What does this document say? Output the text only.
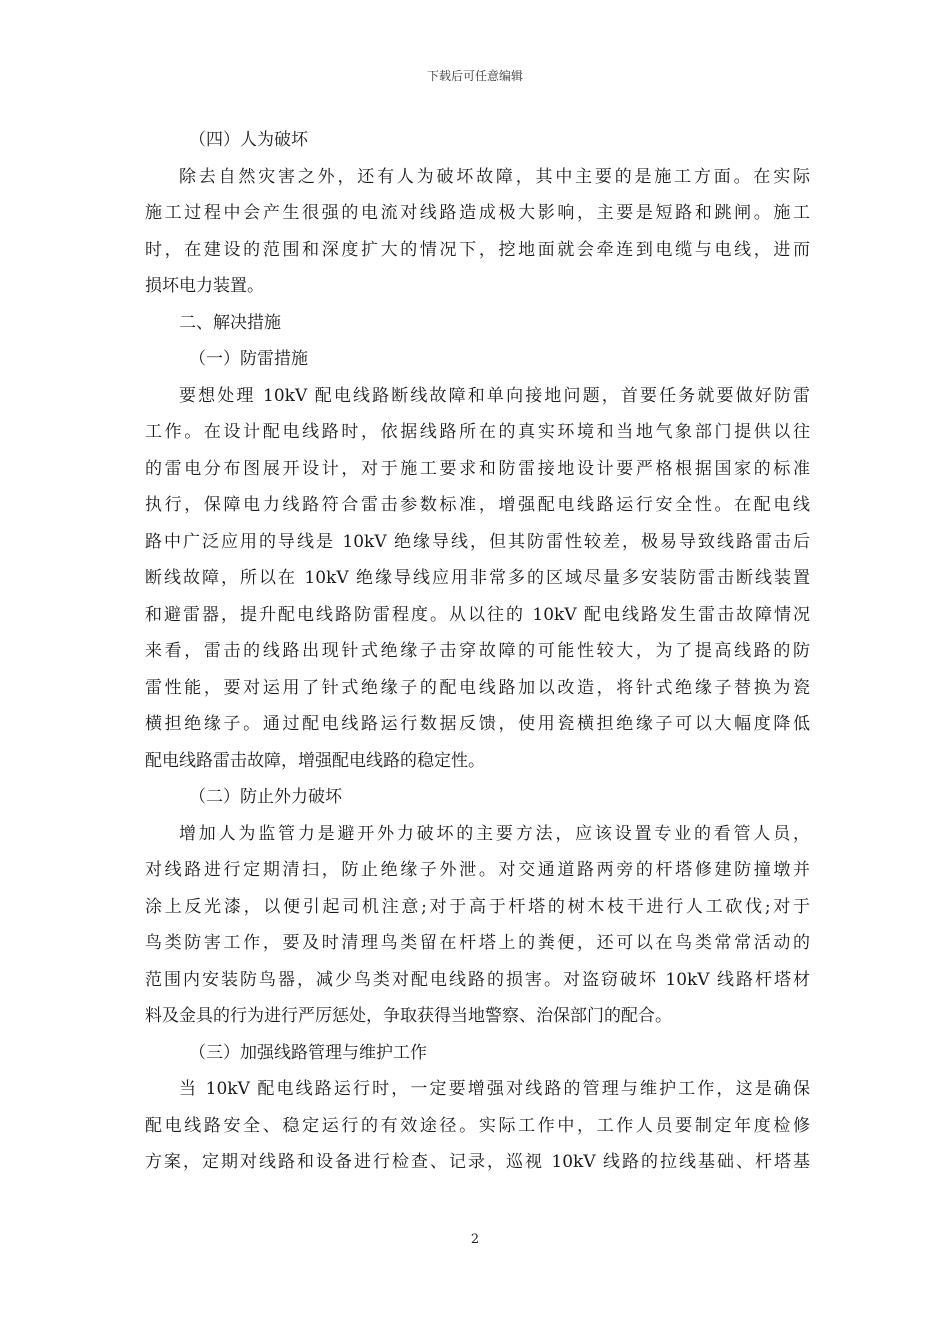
下载后可任意编辑
（四）人为破坏
除去自然灾害之外，还有人为破坏故障，其中主要的是施工方面。在实际
施工过程中会产生很强的电流对线路造成极大影响，主要是短路和跳闸。施工
时，在建设的范围和深度扩大的情况下，挖地面就会牵连到电缆与电线，进而
损坏电力装置。
二、解决措施
（一）防雷措施
要想处理 10kV 配电线路断线故障和单向接地问题，首要任务就要做好防雷
工作。在设计配电线路时，依据线路所在的真实环境和当地气象部门提供以往
的雷电分布图展开设计，对于施工要求和防雷接地设计要严格根据国家的标准
执行，保障电力线路符合雷击参数标准，增强配电线路运行安全性。在配电线
路中广泛应用的导线是 10kV 绝缘导线，但其防雷性较差，极易导致线路雷击后
断线故障，所以在 10kV 绝缘导线应用非常多的区域尽量多安装防雷击断线装置
和避雷器，提升配电线路防雷程度。从以往的 10kV 配电线路发生雷击故障情况
来看，雷击的线路出现针式绝缘子击穿故障的可能性较大，为了提高线路的防
雷性能，要对运用了针式绝缘子的配电线路加以改造，将针式绝缘子替换为瓷
横担绝缘子。通过配电线路运行数据反馈，使用瓷横担绝缘子可以大幅度降低
配电线路雷击故障，增强配电线路的稳定性。
（二）防止外力破坏
增加人为监管力是避开外力破坏的主要方法，应该设置专业的看管人员，
对线路进行定期清扫，防止绝缘子外泄。对交通道路两旁的杆塔修建防撞墩并
涂上反光漆，以便引起司机注意;对于高于杆塔的树木枝干进行人工砍伐;对于
鸟类防害工作，要及时清理鸟类留在杆塔上的粪便，还可以在鸟类常常活动的
范围内安装防鸟器，减少鸟类对配电线路的损害。对盗窃破坏 10kV 线路杆塔材
料及金具的行为进行严厉惩处，争取获得当地警察、治保部门的配合。
（三）加强线路管理与维护工作
当 10kV 配电线路运行时，一定要增强对线路的管理与维护工作，这是确保
配电线路安全、稳定运行的有效途径。实际工作中，工作人员要制定年度检修
方案，定期对线路和设备进行检查、记录，巡视 10kV 线路的拉线基础、杆塔基
2
